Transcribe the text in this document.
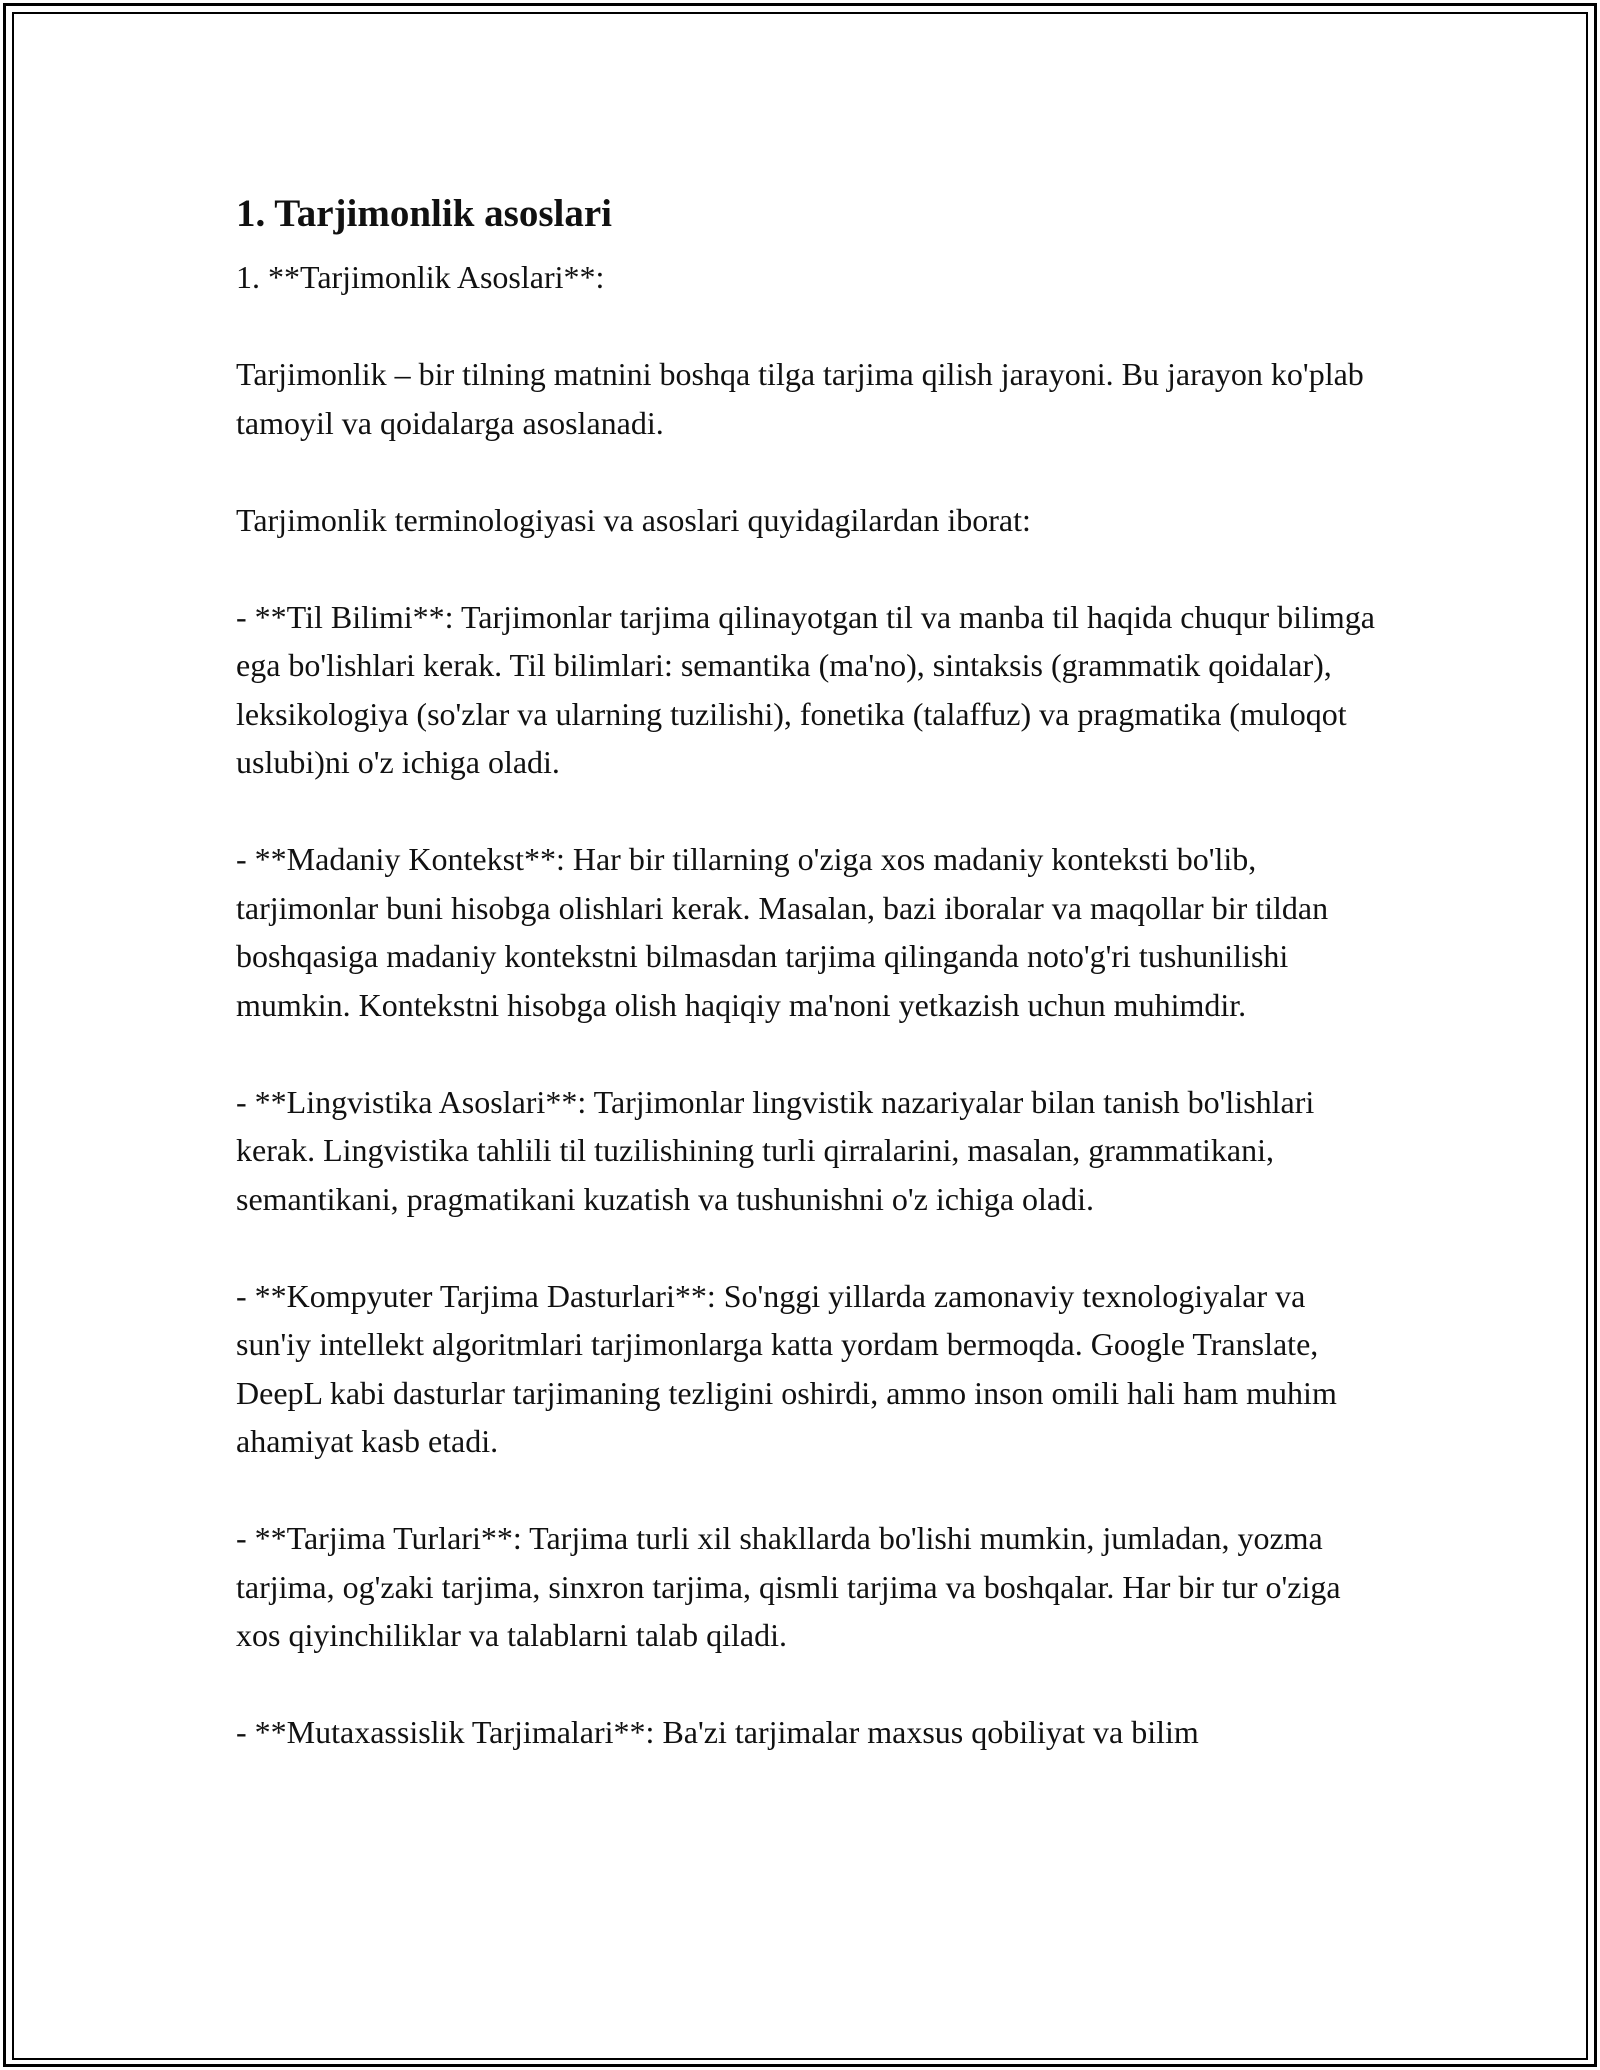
1. Tarjimonlik asoslari

1. **Tarjimonlik Asoslari**:

Tarjimonlik – bir tilning matnini boshqa tilga tarjima qilish jarayoni. Bu jarayon ko'plab tamoyil va qoidalarga asoslanadi.

Tarjimonlik terminologiyasi va asoslari quyidagilardan iborat:

- **Til Bilimi**: Tarjimonlar tarjima qilinayotgan til va manba til haqida chuqur bilimga ega bo'lishlari kerak. Til bilimlari: semantika (ma'no), sintaksis (grammatik qoidalar), leksikologiya (so'zlar va ularning tuzilishi), fonetika (talaffuz) va pragmatika (muloqot uslubi)ni o'z ichiga oladi.

- **Madaniy Kontekst**: Har bir tillarning o'ziga xos madaniy konteksti bo'lib, tarjimonlar buni hisobga olishlari kerak. Masalan, bazi iboralar va maqollar bir tildan boshqasiga madaniy kontekstni bilmasdan tarjima qilinganda noto'g'ri tushunilishi mumkin. Kontekstni hisobga olish haqiqiy ma'noni yetkazish uchun muhimdir.

- **Lingvistika Asoslari**: Tarjimonlar lingvistik nazariyalar bilan tanish bo'lishlari kerak. Lingvistika tahlili til tuzilishining turli qirralarini, masalan, grammatikani, semantikani, pragmatikani kuzatish va tushunishni o'z ichiga oladi.

- **Kompyuter Tarjima Dasturlari**: So'nggi yillarda zamonaviy texnologiyalar va sun'iy intellekt algoritmlari tarjimonlarga katta yordam bermoqda. Google Translate, DeepL kabi dasturlar tarjimaning tezligini oshirdi, ammo inson omili hali ham muhim ahamiyat kasb etadi.

- **Tarjima Turlari**: Tarjima turli xil shakllarda bo'lishi mumkin, jumladan, yozma tarjima, og'zaki tarjima, sinxron tarjima, qismli tarjima va boshqalar. Har bir tur o'ziga xos qiyinchiliklar va talablarni talab qiladi.

- **Mutaxassislik Tarjimalari**: Ba'zi tarjimalar maxsus qobiliyat va bilim
